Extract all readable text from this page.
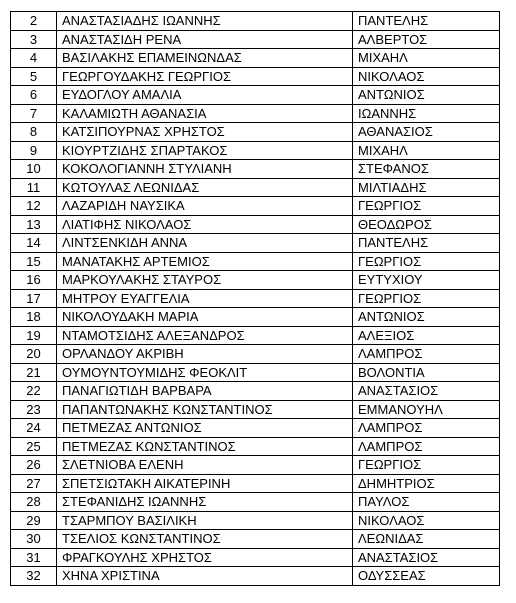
2	ΑΝΑΣΤΑΣΙΑΔΗΣ ΙΩΑΝΝΗΣ	ΠΑΝΤΕΛΗΣ
3	ΑΝΑΣΤΑΣΙΔΗ ΡΕΝΑ	ΑΛΒΕΡΤΟΣ
4	ΒΑΣΙΛΑΚΗΣ ΕΠΑΜΕΙΝΩΝΔΑΣ	ΜΙΧΑΗΛ
5	ΓΕΩΡΓΟΥΔΑΚΗΣ ΓΕΩΡΓΙΟΣ	ΝΙΚΟΛΑΟΣ
6	ΕΥΔΟΓΛΟΥ ΑΜΑΛΙΑ	ΑΝΤΩΝΙΟΣ
7	ΚΑΛΑΜΙΩΤΗ ΑΘΑΝΑΣΙΑ	ΙΩΑΝΝΗΣ
8	ΚΑΤΣΙΠΟΥΡΝΑΣ ΧΡΗΣΤΟΣ	ΑΘΑΝΑΣΙΟΣ
9	ΚΙΟΥΡΤΖΙΔΗΣ ΣΠΑΡΤΑΚΟΣ	ΜΙΧΑΗΛ
10	ΚΟΚΟΛΟΓΙΑΝΝΗ ΣΤΥΛΙΑΝΗ	ΣΤΕΦΑΝΟΣ
11	ΚΩΤΟΥΛΑΣ ΛΕΩΝΙΔΑΣ	ΜΙΛΤΙΑΔΗΣ
12	ΛΑΖΑΡΙΔΗ ΝΑΥΣΙΚΑ	ΓΕΩΡΓΙΟΣ
13	ΛΙΑΤΙΦΗΣ ΝΙΚΟΛΑΟΣ	ΘΕΟΔΩΡΟΣ
14	ΛΙΝΤΣΕΝΚΙΔΗ ΑΝΝΑ	ΠΑΝΤΕΛΗΣ
15	ΜΑΝΑΤΑΚΗΣ ΑΡΤΕΜΙΟΣ	ΓΕΩΡΓΙΟΣ
16	ΜΑΡΚΟΥΛΑΚΗΣ ΣΤΑΥΡΟΣ	ΕΥΤΥΧΙΟΥ
17	ΜΗΤΡΟΥ ΕΥΑΓΓΕΛΙΑ	ΓΕΩΡΓΙΟΣ
18	ΝΙΚΟΛΟΥΔΑΚΗ ΜΑΡΙΑ	ΑΝΤΩΝΙΟΣ
19	ΝΤΑΜΟΤΣΙΔΗΣ ΑΛΕΞΑΝΔΡΟΣ	ΑΛΕΞΙΟΣ
20	ΟΡΛΑΝΔΟΥ ΑΚΡΙΒΗ	ΛΑΜΠΡΟΣ
21	ΟΥΜΟΥΝΤΟΥΜΙΔΗΣ ΦΕΟΚΛΙΤ	ΒΟΛΟΝΤΙΑ
22	ΠΑΝΑΓΙΩΤΙΔΗ ΒΑΡΒΑΡΑ	ΑΝΑΣΤΑΣΙΟΣ
23	ΠΑΠΑΝΤΩΝΑΚΗΣ ΚΩΝΣΤΑΝΤΙΝΟΣ	ΕΜΜΑΝΟΥΗΛ
24	ΠΕΤΜΕΖΑΣ ΑΝΤΩΝΙΟΣ	ΛΑΜΠΡΟΣ
25	ΠΕΤΜΕΖΑΣ ΚΩΝΣΤΑΝΤΙΝΟΣ	ΛΑΜΠΡΟΣ
26	ΣΛΕΤΝΙΟΒΑ ΕΛΕΝΗ	ΓΕΩΡΓΙΟΣ
27	ΣΠΕΤΣΙΩΤΑΚΗ ΑΙΚΑΤΕΡΙΝΗ	ΔΗΜΗΤΡΙΟΣ
28	ΣΤΕΦΑΝΙΔΗΣ ΙΩΑΝΝΗΣ	ΠΑΥΛΟΣ
29	ΤΣΑΡΜΠΟΥ ΒΑΣΙΛΙΚΗ	ΝΙΚΟΛΑΟΣ
30	ΤΣΕΛΙΟΣ ΚΩΝΣΤΑΝΤΙΝΟΣ	ΛΕΩΝΙΔΑΣ
31	ΦΡΑΓΚΟΥΛΗΣ ΧΡΗΣΤΟΣ	ΑΝΑΣΤΑΣΙΟΣ
32	ΧΗΝΑ ΧΡΙΣΤΙΝΑ	ΟΔΥΣΣΕΑΣ
